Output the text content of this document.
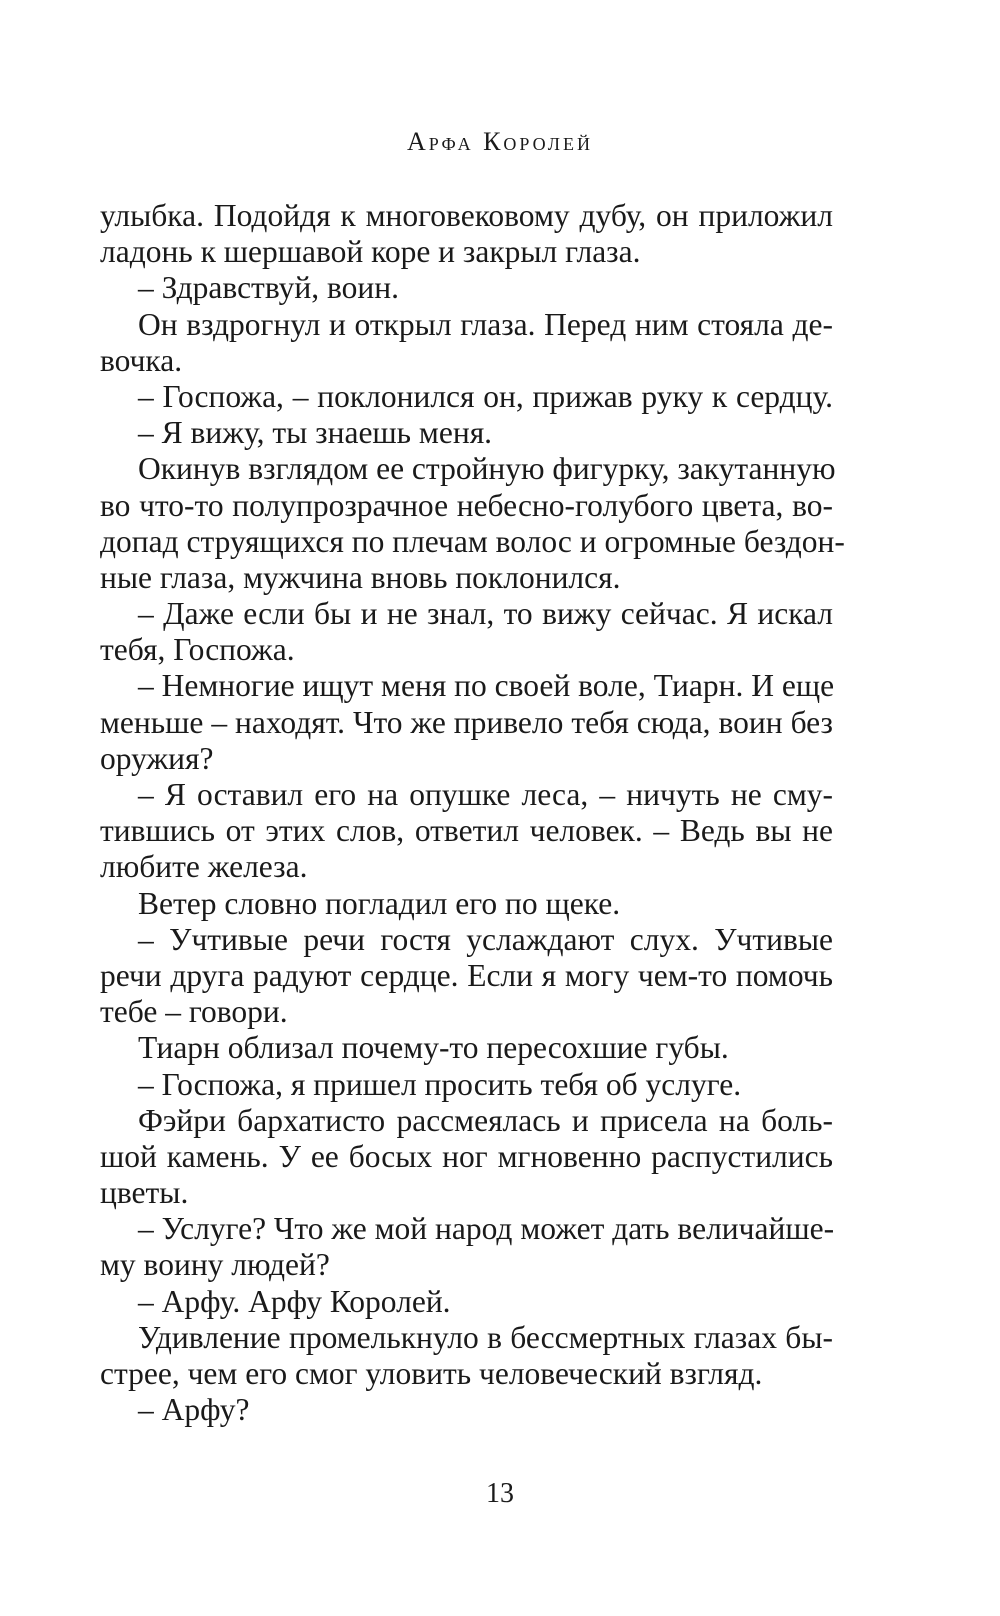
Арфа Королей
улыбка. Подойдя к многовековому дубу, он приложил
ладонь к шершавой коре и закрыл глаза.
– Здравствуй, воин.
Он вздрогнул и открыл глаза. Перед ним стояла де-
вочка.
– Госпожа, – поклонился он, прижав руку к сердцу.
– Я вижу, ты знаешь меня.
Окинув взглядом ее стройную фигурку, закутанную
во что-то полупрозрачное небесно-голубого цвета, во-
допад струящихся по плечам волос и огромные бездон-
ные глаза, мужчина вновь поклонился.
– Даже если бы и не знал, то вижу сейчас. Я искал
тебя, Госпожа.
– Немногие ищут меня по своей воле, Тиарн. И еще
меньше – находят. Что же привело тебя сюда, воин без
оружия?
– Я оставил его на опушке леса, – ничуть не сму-
тившись от этих слов, ответил человек. – Ведь вы не
любите железа.
Ветер словно погладил его по щеке.
– Учтивые речи гостя услаждают слух. Учтивые
речи друга радуют сердце. Если я могу чем-то помочь
тебе – говори.
Тиарн облизал почему-то пересохшие губы.
– Госпожа, я пришел просить тебя об услуге.
Фэйри бархатисто рассмеялась и присела на боль-
шой камень. У ее босых ног мгновенно распустились
цветы.
– Услуге? Что же мой народ может дать величайше-
му воину людей?
– Арфу. Арфу Королей.
Удивление промелькнуло в бессмертных глазах бы-
стрее, чем его смог уловить человеческий взгляд.
– Арфу?
13
